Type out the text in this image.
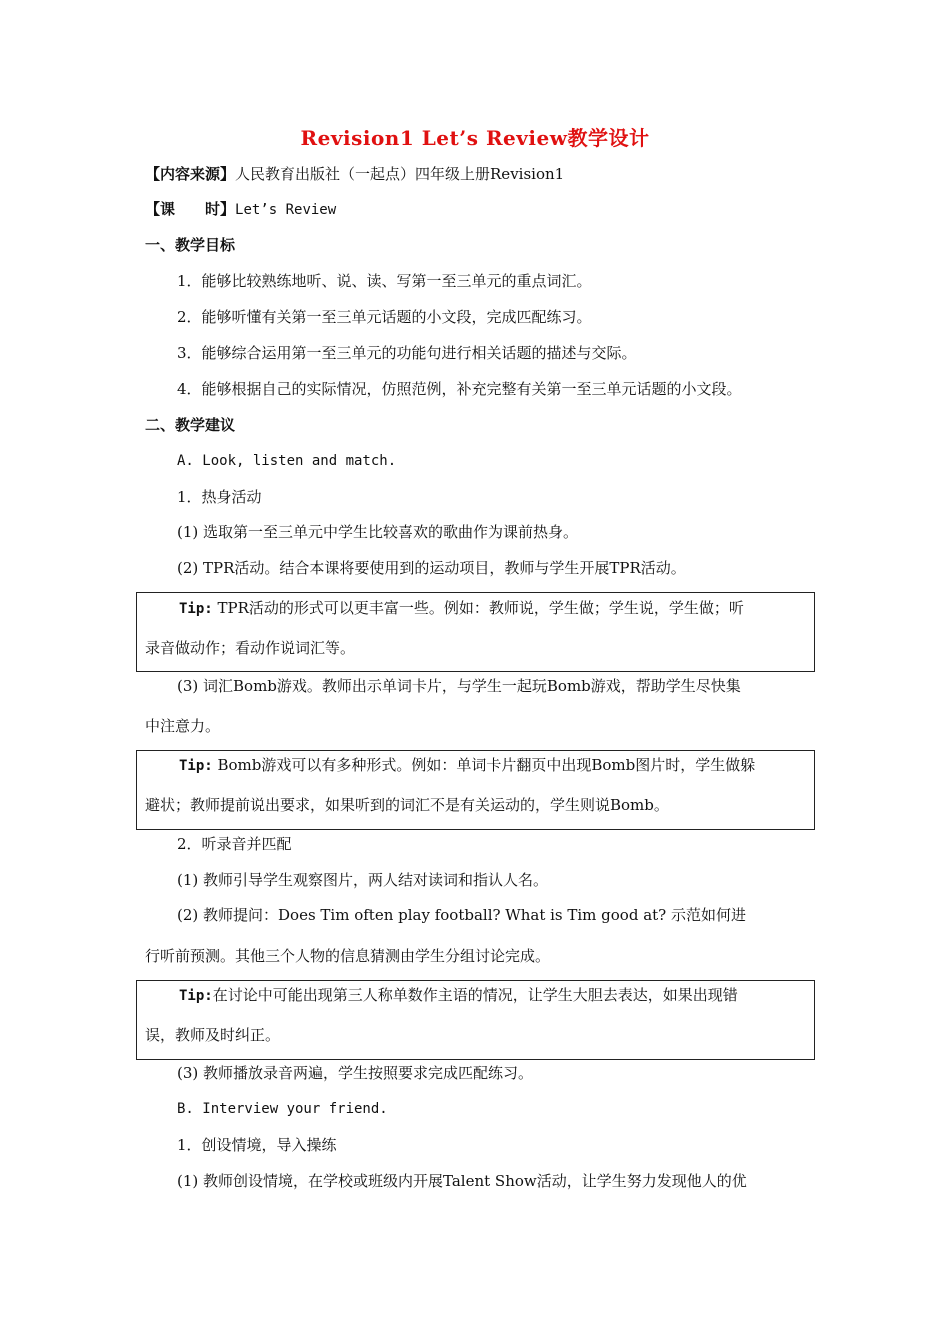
Revision1 Let’s Review教学设计
【内容来源】人民教育出版社（一起点）四年级上册Revision1
【课　　时】Let’s Review
一、教学目标
1．能够比较熟练地听、说、读、写第一至三单元的重点词汇。
2．能够听懂有关第一至三单元话题的小文段，完成匹配练习。
3．能够综合运用第一至三单元的功能句进行相关话题的描述与交际。
4．能够根据自己的实际情况，仿照范例，补充完整有关第一至三单元话题的小文段。
二、教学建议
A. Look, listen and match.
1．热身活动
(1) 选取第一至三单元中学生比较喜欢的歌曲作为课前热身。
(2) TPR活动。结合本课将要使用到的运动项目，教师与学生开展TPR活动。
Tip: TPR活动的形式可以更丰富一些。例如：教师说，学生做；学生说，学生做；听
录音做动作；看动作说词汇等。
(3) 词汇Bomb游戏。教师出示单词卡片，与学生一起玩Bomb游戏，帮助学生尽快集
中注意力。
Tip: Bomb游戏可以有多种形式。例如：单词卡片翻页中出现Bomb图片时，学生做躲
避状；教师提前说出要求，如果听到的词汇不是有关运动的，学生则说Bomb。
2．听录音并匹配
(1) 教师引导学生观察图片，两人结对读词和指认人名。
(2) 教师提问：Does Tim often play football? What is Tim good at? 示范如何进
行听前预测。其他三个人物的信息猜测由学生分组讨论完成。
Tip:在讨论中可能出现第三人称单数作主语的情况，让学生大胆去表达，如果出现错
误，教师及时纠正。
(3) 教师播放录音两遍，学生按照要求完成匹配练习。
B. Interview your friend.
1．创设情境，导入操练
(1) 教师创设情境，在学校或班级内开展Talent Show活动，让学生努力发现他人的优
